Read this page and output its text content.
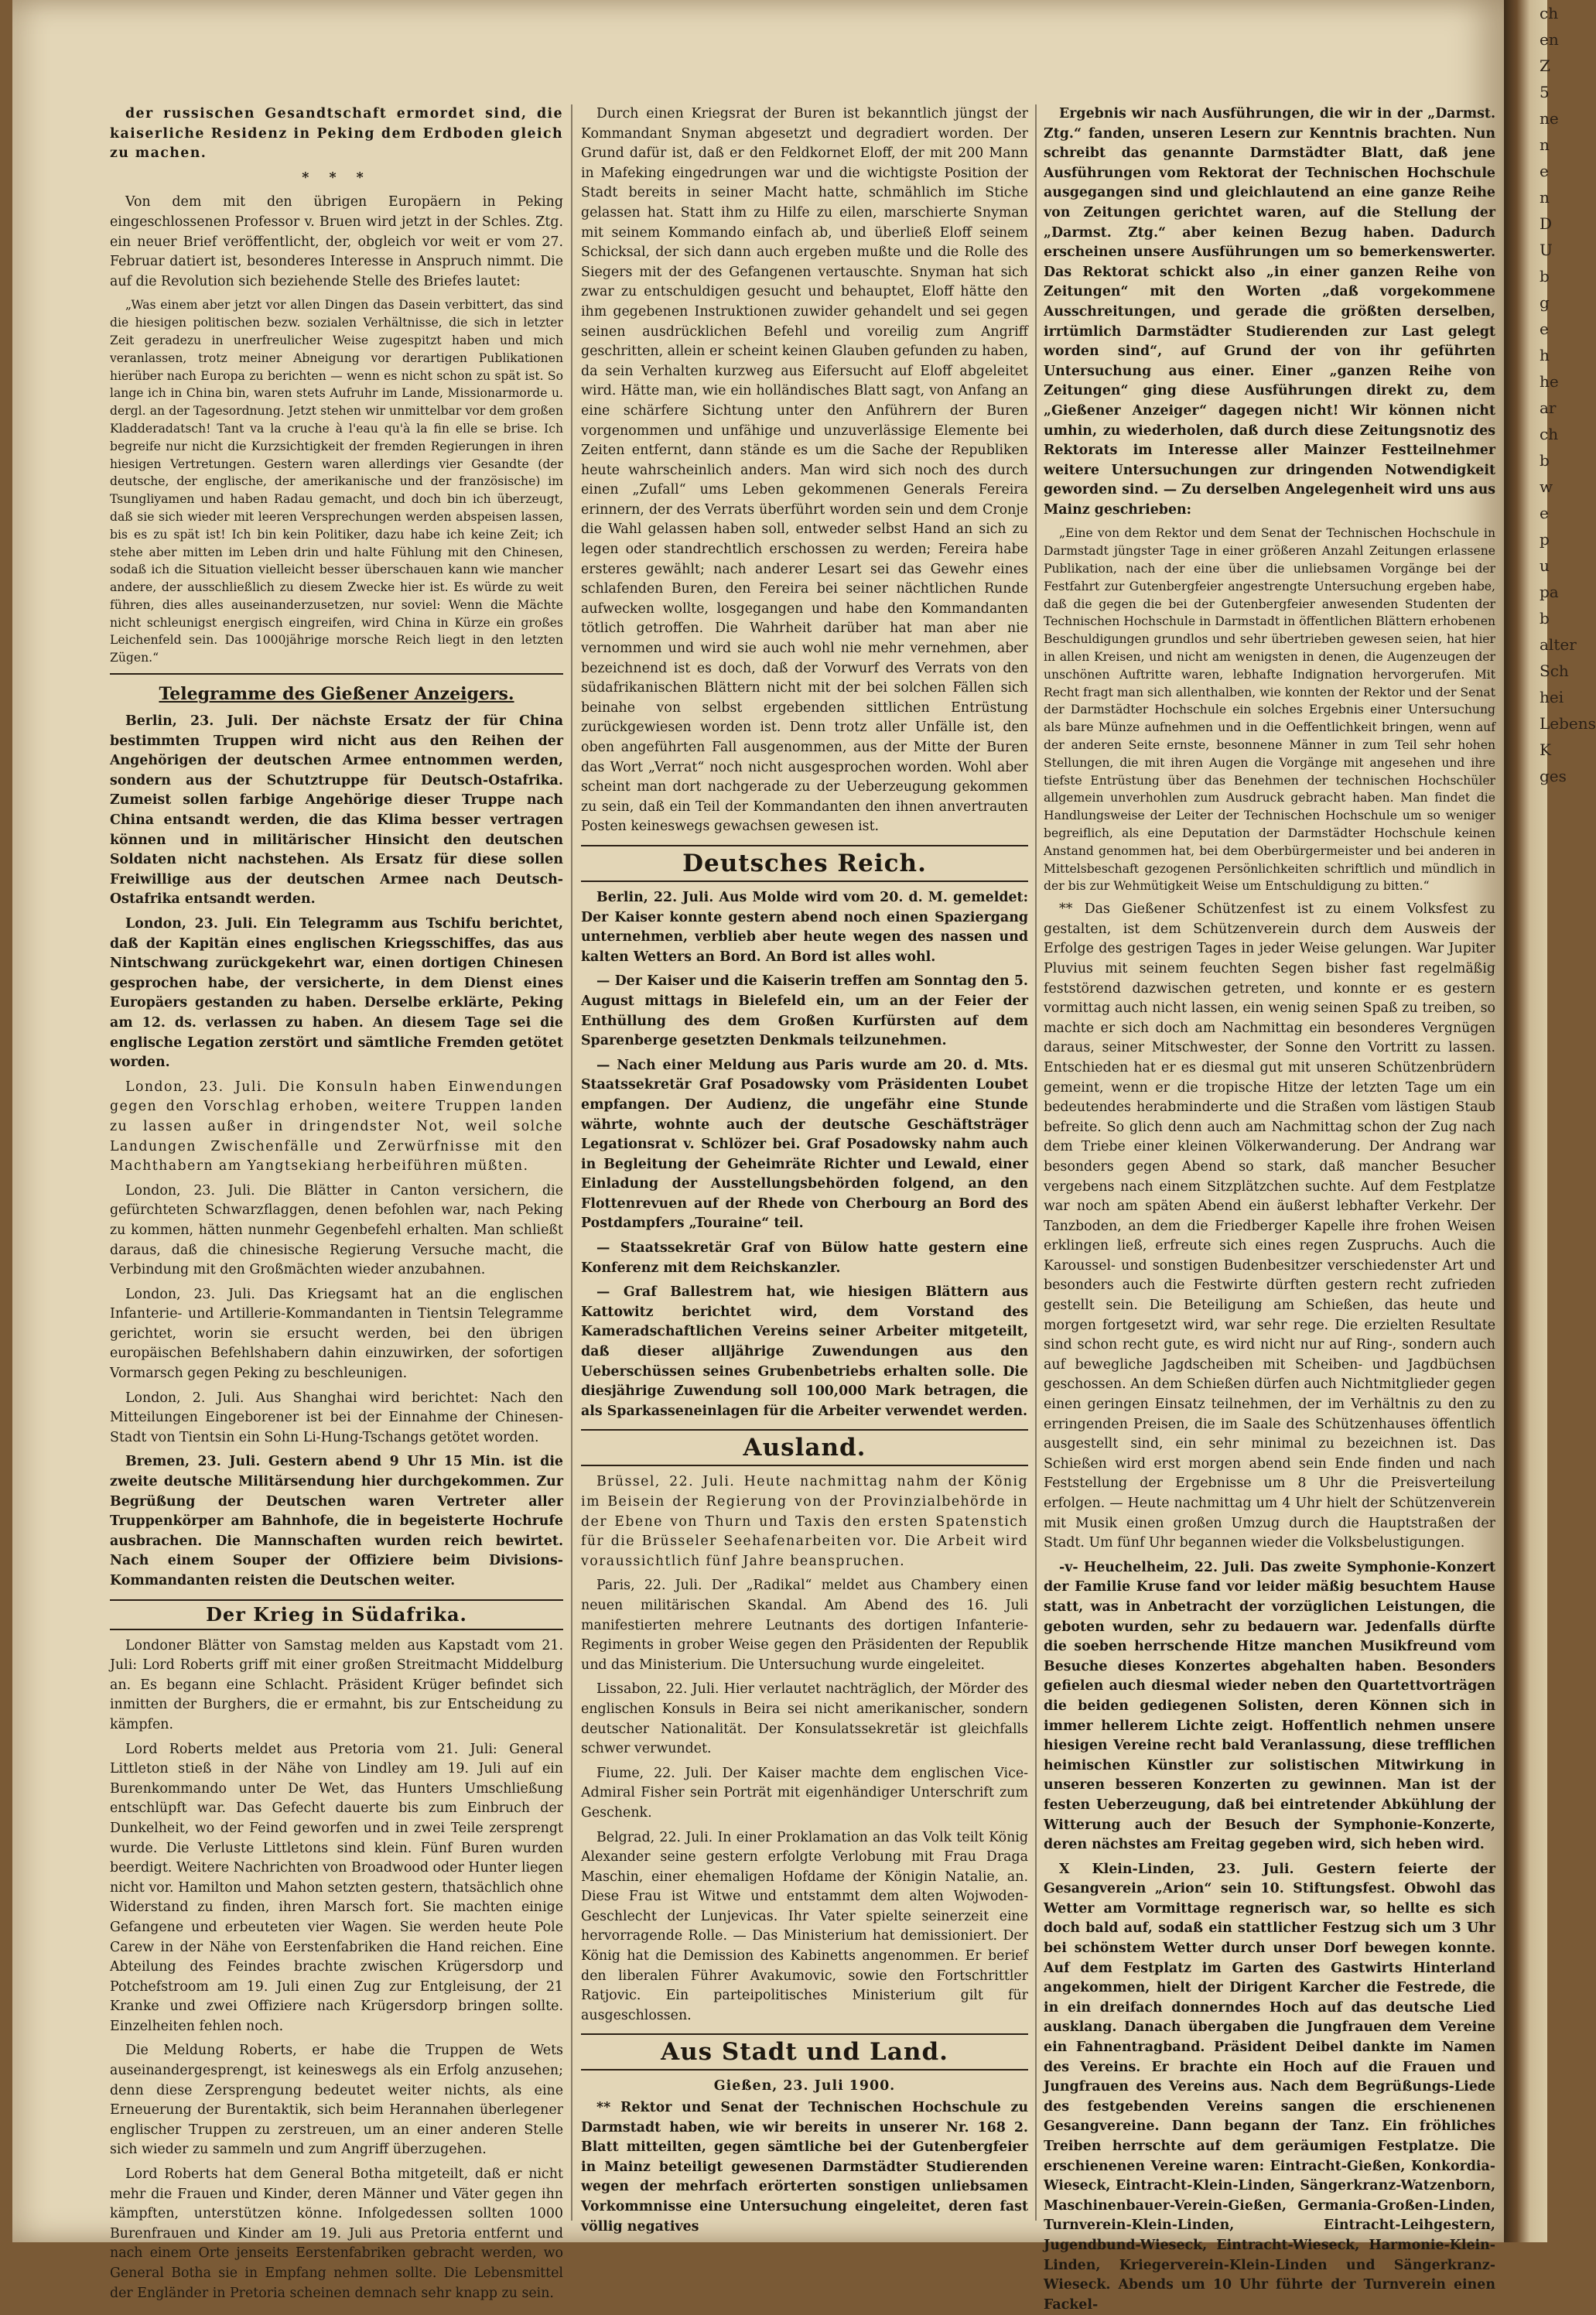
der russischen Gesandtschaft ermordet sind, die kaiserliche Residenz in Peking dem Erdboden gleich zu machen.

* * *

Von dem mit den übrigen Europäern in Peking eingeschlossenen Professor v. Bruen wird jetzt in der Schles. Ztg. ein neuer Brief veröffentlicht, der, obgleich vor weit er vom 27. Februar datiert ist, besonderes Interesse in Anspruch nimmt. Die auf die Revolution sich beziehende Stelle des Briefes lautet:

„Was einem aber jetzt vor allen Dingen das Dasein verbittert, das sind die hiesigen politischen bezw. sozialen Verhältnisse, die sich in letzter Zeit geradezu in unerfreulicher Weise zugespitzt haben und mich veranlassen, trotz meiner Abneigung vor derartigen Publikationen hierüber nach Europa zu berichten — wenn es nicht schon zu spät ist. So lange ich in China bin, waren stets Aufruhr im Lande, Missionarmorde u. dergl. an der Tagesordnung. Jetzt stehen wir unmittelbar vor dem großen Kladderadatsch! Tant va la cruche à l'eau qu'à la fin elle se brise. Ich begreife nur nicht die Kurzsichtigkeit der fremden Regierungen in ihren hiesigen Vertretungen. Gestern waren allerdings vier Gesandte (der deutsche, der englische, der amerikanische und der französische) im Tsungliyamen und haben Radau gemacht, und doch bin ich überzeugt, daß sie sich wieder mit leeren Versprechungen werden abspeisen lassen, bis es zu spät ist! Ich bin kein Politiker, dazu habe ich keine Zeit; ich stehe aber mitten im Leben drin und halte Fühlung mit den Chinesen, sodaß ich die Situation vielleicht besser überschauen kann wie mancher andere, der ausschließlich zu diesem Zwecke hier ist. Es würde zu weit führen, dies alles auseinanderzusetzen, nur soviel: Wenn die Mächte nicht schleunigst energisch eingreifen, wird China in Kürze ein großes Leichenfeld sein. Das 1000jährige morsche Reich liegt in den letzten Zügen.“

Telegramme des Gießener Anzeigers.

Berlin, 23. Juli. Der nächste Ersatz der für China bestimmten Truppen wird nicht aus den Reihen der Angehörigen der deutschen Armee entnommen werden, sondern aus der Schutztruppe für Deutsch-Ostafrika. Zumeist sollen farbige Angehörige dieser Truppe nach China entsandt werden, die das Klima besser vertragen können und in militärischer Hinsicht den deutschen Soldaten nicht nachstehen. Als Ersatz für diese sollen Freiwillige aus der deutschen Armee nach Deutsch-Ostafrika entsandt werden.

London, 23. Juli. Ein Telegramm aus Tschifu berichtet, daß der Kapitän eines englischen Kriegsschiffes, das aus Nintschwang zurückgekehrt war, einen dortigen Chinesen gesprochen habe, der versicherte, in dem Dienst eines Europäers gestanden zu haben. Derselbe erklärte, Peking am 12. ds. verlassen zu haben. An diesem Tage sei die englische Legation zerstört und sämtliche Fremden getötet worden.

London, 23. Juli. Die Konsuln haben Einwendungen gegen den Vorschlag erhoben, weitere Truppen landen zu lassen außer in dringendster Not, weil solche Landungen Zwischenfälle und Zerwürfnisse mit den Machthabern am Yangtsekiang herbeiführen müßten.

London, 23. Juli. Die Blätter in Canton versichern, die gefürchteten Schwarzflaggen, denen befohlen war, nach Peking zu kommen, hätten nunmehr Gegenbefehl erhalten. Man schließt daraus, daß die chinesische Regierung Versuche macht, die Verbindung mit den Großmächten wieder anzubahnen.

London, 23. Juli. Das Kriegsamt hat an die englischen Infanterie- und Artillerie-Kommandanten in Tientsin Telegramme gerichtet, worin sie ersucht werden, bei den übrigen europäischen Befehlshabern dahin einzuwirken, der sofortigen Vormarsch gegen Peking zu beschleunigen.

London, 2. Juli. Aus Shanghai wird berichtet: Nach den Mitteilungen Eingeborener ist bei der Einnahme der Chinesen-Stadt von Tientsin ein Sohn Li-Hung-Tschangs getötet worden.

Bremen, 23. Juli. Gestern abend 9 Uhr 15 Min. ist die zweite deutsche Militärsendung hier durchgekommen. Zur Begrüßung der Deutschen waren Vertreter aller Truppenkörper am Bahnhofe, die in begeisterte Hochrufe ausbrachen. Die Mannschaften wurden reich bewirtet. Nach einem Souper der Offiziere beim Divisions-Kommandanten reisten die Deutschen weiter.

Der Krieg in Südafrika.

Londoner Blätter von Samstag melden aus Kapstadt vom 21. Juli: Lord Roberts griff mit einer großen Streitmacht Middelburg an. Es begann eine Schlacht. Präsident Krüger befindet sich inmitten der Burghers, die er ermahnt, bis zur Entscheidung zu kämpfen.

Lord Roberts meldet aus Pretoria vom 21. Juli: General Littleton stieß in der Nähe von Lindley am 19. Juli auf ein Burenkommando unter De Wet, das Hunters Umschließung entschlüpft war. Das Gefecht dauerte bis zum Einbruch der Dunkelheit, wo der Feind geworfen und in zwei Teile zersprengt wurde. Die Verluste Littletons sind klein. Fünf Buren wurden beerdigt. Weitere Nachrichten von Broadwood oder Hunter liegen nicht vor. Hamilton und Mahon setzten gestern, thatsächlich ohne Widerstand zu finden, ihren Marsch fort. Sie machten einige Gefangene und erbeuteten vier Wagen. Sie werden heute Pole Carew in der Nähe von Eerstenfabriken die Hand reichen. Eine Abteilung des Feindes brachte zwischen Krügersdorp und Potchefstroom am 19. Juli einen Zug zur Entgleisung, der 21 Kranke und zwei Offiziere nach Krügersdorp bringen sollte. Einzelheiten fehlen noch.

Die Meldung Roberts, er habe die Truppen de Wets auseinandergesprengt, ist keineswegs als ein Erfolg anzusehen; denn diese Zersprengung bedeutet weiter nichts, als eine Erneuerung der Burentaktik, sich beim Herannahen überlegener englischer Truppen zu zerstreuen, um an einer anderen Stelle sich wieder zu sammeln und zum Angriff überzugehen.

Lord Roberts hat dem General Botha mitgeteilt, daß er nicht mehr die Frauen und Kinder, deren Männer und Väter gegen ihn kämpften, unterstützen könne. Infolgedessen sollten 1000 Burenfrauen und Kinder am 19. Juli aus Pretoria entfernt und nach einem Orte jenseits Eerstenfabriken gebracht werden, wo General Botha sie in Empfang nehmen sollte. Die Lebensmittel der Engländer in Pretoria scheinen demnach sehr knapp zu sein.

Durch einen Kriegsrat der Buren ist bekanntlich jüngst der Kommandant Snyman abgesetzt und degradiert worden. Der Grund dafür ist, daß er den Feldkornet Eloff, der mit 200 Mann in Mafeking eingedrungen war und die wichtigste Position der Stadt bereits in seiner Macht hatte, schmählich im Stiche gelassen hat. Statt ihm zu Hilfe zu eilen, marschierte Snyman mit seinem Kommando einfach ab, und überließ Eloff seinem Schicksal, der sich dann auch ergeben mußte und die Rolle des Siegers mit der des Gefangenen vertauschte. Snyman hat sich zwar zu entschuldigen gesucht und behauptet, Eloff hätte den ihm gegebenen Instruktionen zuwider gehandelt und sei gegen seinen ausdrücklichen Befehl und voreilig zum Angriff geschritten, allein er scheint keinen Glauben gefunden zu haben, da sein Verhalten kurzweg aus Eifersucht auf Eloff abgeleitet wird. Hätte man, wie ein holländisches Blatt sagt, von Anfang an eine schärfere Sichtung unter den Anführern der Buren vorgenommen und unfähige und unzuverlässige Elemente bei Zeiten entfernt, dann stände es um die Sache der Republiken heute wahrscheinlich anders. Man wird sich noch des durch einen „Zufall“ ums Leben gekommenen Generals Fereira erinnern, der des Verrats überführt worden sein und dem Cronje die Wahl gelassen haben soll, entweder selbst Hand an sich zu legen oder standrechtlich erschossen zu werden; Fereira habe ersteres gewählt; nach anderer Lesart sei das Gewehr eines schlafenden Buren, den Fereira bei seiner nächtlichen Runde aufwecken wollte, losgegangen und habe den Kommandanten tötlich getroffen. Die Wahrheit darüber hat man aber nie vernommen und wird sie auch wohl nie mehr vernehmen, aber bezeichnend ist es doch, daß der Vorwurf des Verrats von den südafrikanischen Blättern nicht mit der bei solchen Fällen sich beinahe von selbst ergebenden sittlichen Entrüstung zurückgewiesen worden ist. Denn trotz aller Unfälle ist, den oben angeführten Fall ausgenommen, aus der Mitte der Buren das Wort „Verrat“ noch nicht ausgesprochen worden. Wohl aber scheint man dort nachgerade zu der Ueberzeugung gekommen zu sein, daß ein Teil der Kommandanten den ihnen anvertrauten Posten keineswegs gewachsen gewesen ist.

Deutsches Reich.

Berlin, 22. Juli. Aus Molde wird vom 20. d. M. gemeldet: Der Kaiser konnte gestern abend noch einen Spaziergang unternehmen, verblieb aber heute wegen des nassen und kalten Wetters an Bord. An Bord ist alles wohl.

— Der Kaiser und die Kaiserin treffen am Sonntag den 5. August mittags in Bielefeld ein, um an der Feier der Enthüllung des dem Großen Kurfürsten auf dem Sparenberge gesetzten Denkmals teilzunehmen.

— Nach einer Meldung aus Paris wurde am 20. d. Mts. Staatssekretär Graf Posadowsky vom Präsidenten Loubet empfangen. Der Audienz, die ungefähr eine Stunde währte, wohnte auch der deutsche Geschäftsträger Legationsrat v. Schlözer bei. Graf Posadowsky nahm auch in Begleitung der Geheimräte Richter und Lewald, einer Einladung der Ausstellungsbehörden folgend, an den Flottenrevuen auf der Rhede von Cherbourg an Bord des Postdampfers „Touraine“ teil.

— Staatssekretär Graf von Bülow hatte gestern eine Konferenz mit dem Reichskanzler.

— Graf Ballestrem hat, wie hiesigen Blättern aus Kattowitz berichtet wird, dem Vorstand des Kameradschaftlichen Vereins seiner Arbeiter mitgeteilt, daß dieser alljährige Zuwendungen aus den Ueberschüssen seines Grubenbetriebs erhalten solle. Die diesjährige Zuwendung soll 100,000 Mark betragen, die als Sparkasseneinlagen für die Arbeiter verwendet werden.

Ausland.

Brüssel, 22. Juli. Heute nachmittag nahm der König im Beisein der Regierung von der Provinzialbehörde in der Ebene von Thurn und Taxis den ersten Spatenstich für die Brüsseler Seehafenarbeiten vor. Die Arbeit wird voraussichtlich fünf Jahre beanspruchen.

Paris, 22. Juli. Der „Radikal“ meldet aus Chambery einen neuen militärischen Skandal. Am Abend des 16. Juli manifestierten mehrere Leutnants des dortigen Infanterie-Regiments in grober Weise gegen den Präsidenten der Republik und das Ministerium. Die Untersuchung wurde eingeleitet.

Lissabon, 22. Juli. Hier verlautet nachträglich, der Mörder des englischen Konsuls in Beira sei nicht amerikanischer, sondern deutscher Nationalität. Der Konsulatssekretär ist gleichfalls schwer verwundet.

Fiume, 22. Juli. Der Kaiser machte dem englischen Vice-Admiral Fisher sein Porträt mit eigenhändiger Unterschrift zum Geschenk.

Belgrad, 22. Juli. In einer Proklamation an das Volk teilt König Alexander seine gestern erfolgte Verlobung mit Frau Draga Maschin, einer ehemaligen Hofdame der Königin Natalie, an. Diese Frau ist Witwe und entstammt dem alten Wojwoden-Geschlecht der Lunjevicas. Ihr Vater spielte seinerzeit eine hervorragende Rolle. — Das Ministerium hat demissioniert. Der König hat die Demission des Kabinetts angenommen. Er berief den liberalen Führer Avakumovic, sowie den Fortschrittler Ratjovic. Ein parteipolitisches Ministerium gilt für ausgeschlossen.

Aus Stadt und Land.
Gießen, 23. Juli 1900.

** Rektor und Senat der Technischen Hochschule zu Darmstadt haben, wie wir bereits in unserer Nr. 168 2. Blatt mitteilten, gegen sämtliche bei der Gutenbergfeier in Mainz beteiligt gewesenen Darmstädter Studierenden wegen der mehrfach erörterten sonstigen unliebsamen Vorkommnisse eine Untersuchung eingeleitet, deren fast völlig negatives

Ergebnis wir nach Ausführungen, die wir in der „Darmst. Ztg.“ fanden, unseren Lesern zur Kenntnis brachten. Nun schreibt das genannte Darmstädter Blatt, daß jene Ausführungen vom Rektorat der Technischen Hochschule ausgegangen sind und gleichlautend an eine ganze Reihe von Zeitungen gerichtet waren, auf die Stellung der „Darmst. Ztg.“ aber keinen Bezug haben. Dadurch erscheinen unsere Ausführungen um so bemerkenswerter. Das Rektorat schickt also „in einer ganzen Reihe von Zeitungen“ mit den Worten „daß vorgekommene Ausschreitungen, und gerade die größten derselben, irrtümlich Darmstädter Studierenden zur Last gelegt worden sind“, auf Grund der von ihr geführten Untersuchung aus einer. Einer „ganzen Reihe von Zeitungen“ ging diese Ausführungen direkt zu, dem „Gießener Anzeiger“ dagegen nicht! Wir können nicht umhin, zu wiederholen, daß durch diese Zeitungsnotiz des Rektorats im Interesse aller Mainzer Festteilnehmer weitere Untersuchungen zur dringenden Notwendigkeit geworden sind. — Zu derselben Angelegenheit wird uns aus Mainz geschrieben:

„Eine von dem Rektor und dem Senat der Technischen Hochschule in Darmstadt jüngster Tage in einer größeren Anzahl Zeitungen erlassene Publikation, nach der eine über die unliebsamen Vorgänge bei der Festfahrt zur Gutenbergfeier angestrengte Untersuchung ergeben habe, daß die gegen die bei der Gutenbergfeier anwesenden Studenten der Technischen Hochschule in Darmstadt in öffentlichen Blättern erhobenen Beschuldigungen grundlos und sehr übertrieben gewesen seien, hat hier in allen Kreisen, und nicht am wenigsten in denen, die Augenzeugen der unschönen Auftritte waren, lebhafte Indignation hervorgerufen. Mit Recht fragt man sich allenthalben, wie konnten der Rektor und der Senat der Darmstädter Hochschule ein solches Ergebnis einer Untersuchung als bare Münze aufnehmen und in die Oeffentlichkeit bringen, wenn auf der anderen Seite ernste, besonnene Männer in zum Teil sehr hohen Stellungen, die mit ihren Augen die Vorgänge mit angesehen und ihre tiefste Entrüstung über das Benehmen der technischen Hochschüler allgemein unverhohlen zum Ausdruck gebracht haben. Man findet die Handlungsweise der Leiter der Technischen Hochschule um so weniger begreiflich, als eine Deputation der Darmstädter Hochschule keinen Anstand genommen hat, bei dem Oberbürgermeister und bei anderen in Mittelsbeschaft gezogenen Persönlichkeiten schriftlich und mündlich in der bis zur Wehmütigkeit Weise um Entschuldigung zu bitten.“

** Das Gießener Schützenfest ist zu einem Volksfest zu gestalten, ist dem Schützenverein durch dem Ausweis der Erfolge des gestrigen Tages in jeder Weise gelungen. War Jupiter Pluvius mit seinem feuchten Segen bisher fast regelmäßig feststörend dazwischen getreten, und konnte er es gestern vormittag auch nicht lassen, ein wenig seinen Spaß zu treiben, so machte er sich doch am Nachmittag ein besonderes Vergnügen daraus, seiner Mitschwester, der Sonne den Vortritt zu lassen. Entschieden hat er es diesmal gut mit unseren Schützenbrüdern gemeint, wenn er die tropische Hitze der letzten Tage um ein bedeutendes herabminderte und die Straßen vom lästigen Staub befreite. So glich denn auch am Nachmittag schon der Zug nach dem Triebe einer kleinen Völkerwanderung. Der Andrang war besonders gegen Abend so stark, daß mancher Besucher vergebens nach einem Sitzplätzchen suchte. Auf dem Festplatze war noch am späten Abend ein äußerst lebhafter Verkehr. Der Tanzboden, an dem die Friedberger Kapelle ihre frohen Weisen erklingen ließ, erfreute sich eines regen Zuspruchs. Auch die Karoussel- und sonstigen Budenbesitzer verschiedenster Art und besonders auch die Festwirte dürften gestern recht zufrieden gestellt sein. Die Beteiligung am Schießen, das heute und morgen fortgesetzt wird, war sehr rege. Die erzielten Resultate sind schon recht gute, es wird nicht nur auf Ring-, sondern auch auf bewegliche Jagdscheiben mit Scheiben- und Jagdbüchsen geschossen. An dem Schießen dürfen auch Nichtmitglieder gegen einen geringen Einsatz teilnehmen, der im Verhältnis zu den zu erringenden Preisen, die im Saale des Schützenhauses öffentlich ausgestellt sind, ein sehr minimal zu bezeichnen ist. Das Schießen wird erst morgen abend sein Ende finden und nach Feststellung der Ergebnisse um 8 Uhr die Preisverteilung erfolgen. — Heute nachmittag um 4 Uhr hielt der Schützenverein mit Musik einen großen Umzug durch die Hauptstraßen der Stadt. Um fünf Uhr begannen wieder die Volksbelustigungen.

-v- Heuchelheim, 22. Juli. Das zweite Symphonie-Konzert der Familie Kruse fand vor leider mäßig besuchtem Hause statt, was in Anbetracht der vorzüglichen Leistungen, die geboten wurden, sehr zu bedauern war. Jedenfalls dürfte die soeben herrschende Hitze manchen Musikfreund vom Besuche dieses Konzertes abgehalten haben. Besonders gefielen auch diesmal wieder neben den Quartettvorträgen die beiden gediegenen Solisten, deren Können sich in immer hellerem Lichte zeigt. Hoffentlich nehmen unsere hiesigen Vereine recht bald Veranlassung, diese trefflichen heimischen Künstler zur solistischen Mitwirkung in unseren besseren Konzerten zu gewinnen. Man ist der festen Ueberzeugung, daß bei eintretender Abkühlung der Witterung auch der Besuch der Symphonie-Konzerte, deren nächstes am Freitag gegeben wird, sich heben wird.

X Klein-Linden, 23. Juli. Gestern feierte der Gesangverein „Arion“ sein 10. Stiftungsfest. Obwohl das Wetter am Vormittage regnerisch war, so hellte es sich doch bald auf, sodaß ein stattlicher Festzug sich um 3 Uhr bei schönstem Wetter durch unser Dorf bewegen konnte. Auf dem Festplatz im Garten des Gastwirts Hinterland angekommen, hielt der Dirigent Karcher die Festrede, die in ein dreifach donnerndes Hoch auf das deutsche Lied ausklang. Danach übergaben die Jungfrauen dem Vereine ein Fahnentragband. Präsident Deibel dankte im Namen des Vereins. Er brachte ein Hoch auf die Frauen und Jungfrauen des Vereins aus. Nach dem Begrüßungs-Liede des festgebenden Vereins sangen die erschienenen Gesangvereine. Dann begann der Tanz. Ein fröhliches Treiben herrschte auf dem geräumigen Festplatze. Die erschienenen Vereine waren: Eintracht-Gießen, Konkordia-Wieseck, Eintracht-Klein-Linden, Sängerkranz-Watzenborn, Maschinenbauer-Verein-Gießen, Germania-Großen-Linden, Turnverein-Klein-Linden, Eintracht-Leihgestern, Jugendbund-Wieseck, Eintracht-Wieseck, Harmonie-Klein-Linden, Kriegerverein-Klein-Linden und Sängerkranz-Wieseck. Abends um 10 Uhr führte der Turnverein einen Fackel-

ch
en
Z
5
ne
n
e
n
D
U
b
g
e
h
he
ar
ch
b
w
e
p
u
pa
b
alter
Sch
hei
Lebens
K
ges
